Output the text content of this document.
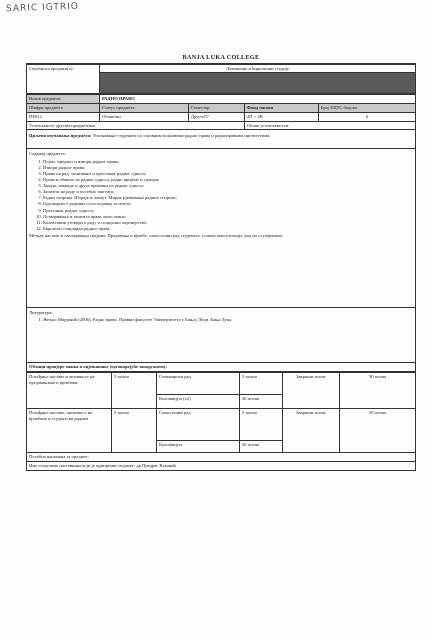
SARIC IGTRIO
BANJA LUKA COLLEGE
Студијски програм(и):	Латиничнe и ћирилични студије
Назив предмета:	РАДНО ПРАВО			
Шифра предмета	Статус предмета	Семестар	Фонд часова	Број ЕЦТС бодова
ПР012	Обавезни	Други/IV	2П + 2В	6
Условљеност другим предметима:			Облик условљености:	
Циљеви изучавања предмета: Упознавање студената са основним појмовима радног права и радноправним институтима.
Садржај предмета:
1. Појам, предмет и извори радног права;
2. Извори радног права;
3. Право на рад, заснивање и престанак радног односа;
4. Права и обавезе из радног односа, радно вријеме и одмори;
5. Зарада, накнаде и друга примања из радног односа;
6. Заштита на раду и посебна заштита;
7. Радни спорови. Штрајк и локаут. Мирно рјешавање радних спорова;
8. Одговорност радника и послодавца за штету;
9. Престанак радног односа;
10. Остваривање и заштита права запослених;
11. Колективни уговори о раду и социјално партнерство;
12. Европски стандарди радног права.
Методе наставе и савладавања градива: Предавања и вјежбе, самостални рад студената, усмене консултације, рад на случајевима.
Литература:
1. Жељко Мирјанић (2006), Радно право. Правни факултет Универзитета у Бањој Луци, Бања Лука.
Облици провјере знања и оцјењивање (одговарајуће заокружити):
Похађање наставе и активност на предавањима и вјежбама	5 поена	Семинарски рад	5 поена	Завршни испит	50 поена
		Колоквијум (х2)	20 поена		
Похађање наставе, активност на вјежбама и студентски радови	5 поена	Самостални рад	5 поена	Завршни испит	50 поена
		Колоквијум	20 поена		
Посебна напомена за предмет:
Име и презиме наставника који је припремио податке: др Предраг Вуковић
